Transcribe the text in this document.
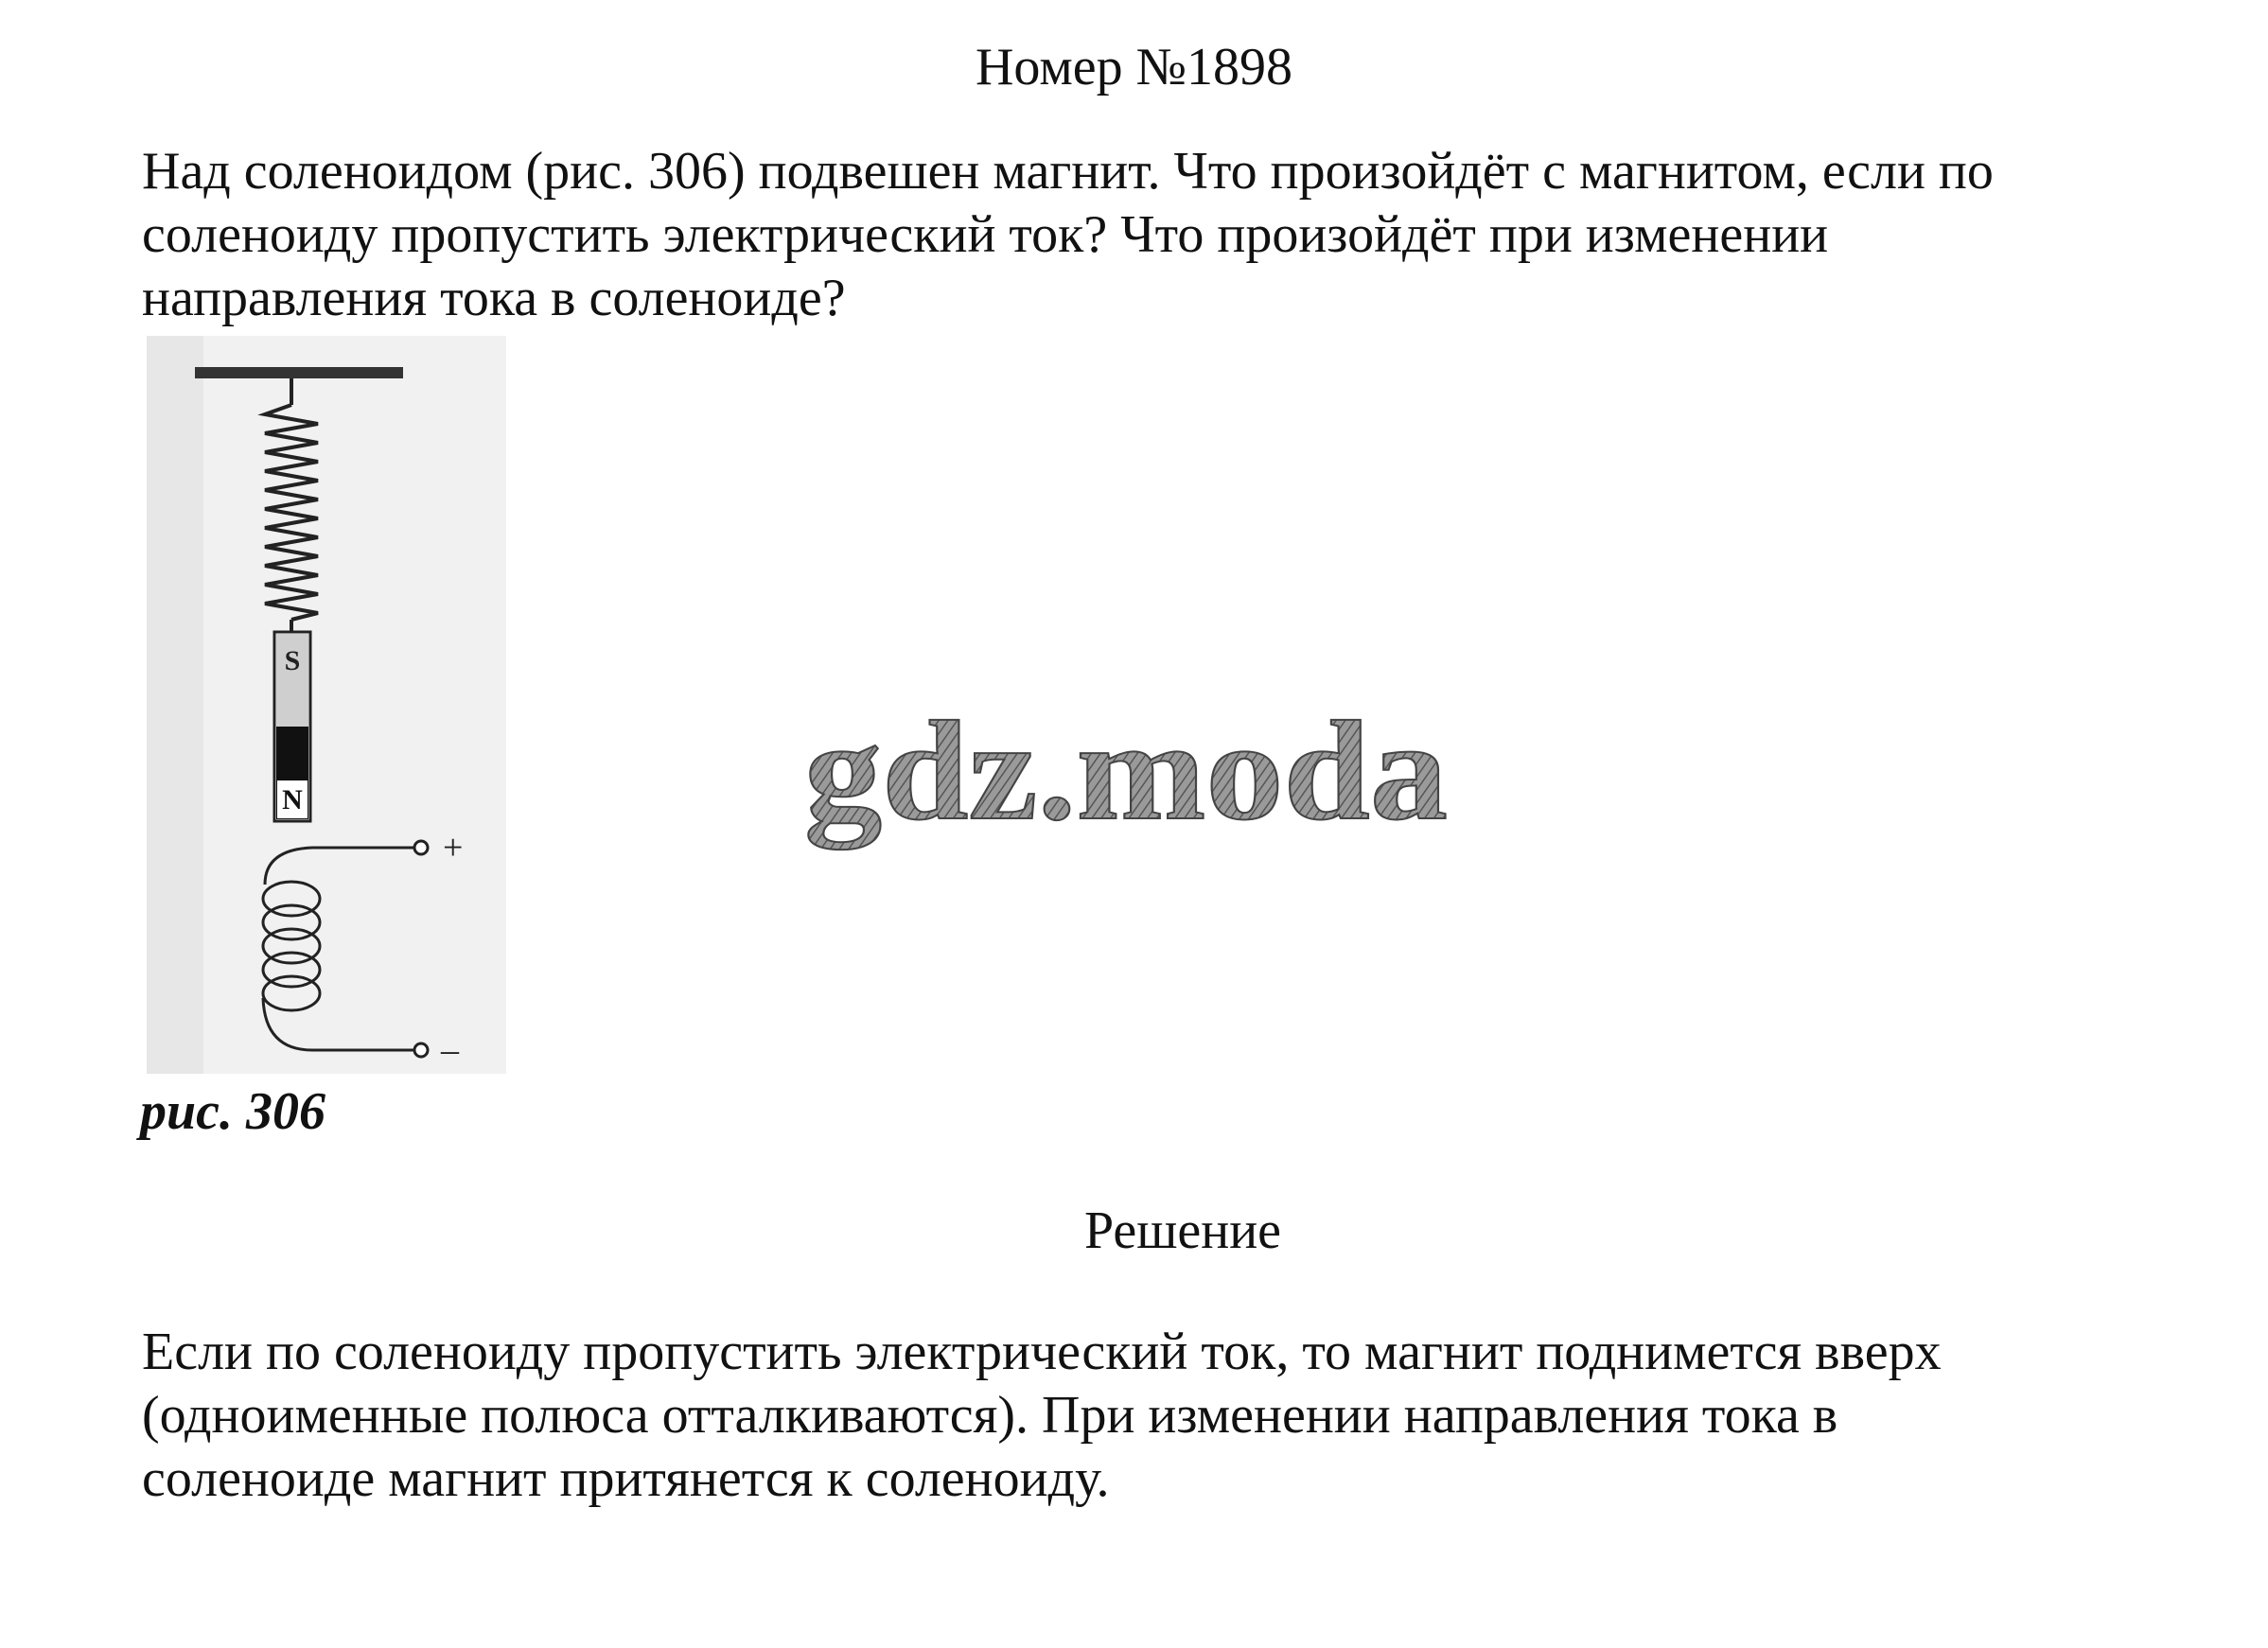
Номер №1898
Над соленоидом (рис. 306) подвешен магнит. Что произойдёт с магнитом, если по
соленоиду пропустить электрический ток? Что произойдёт при изменении
направления тока в соленоиде?
S
N
+
–
рис. 306
gdz.moda
Решение
Если по соленоиду пропустить электрический ток, то магнит поднимется вверх
(одноименные полюса отталкиваются). При изменении направления тока в
соленоиде магнит притянется к соленоиду.
